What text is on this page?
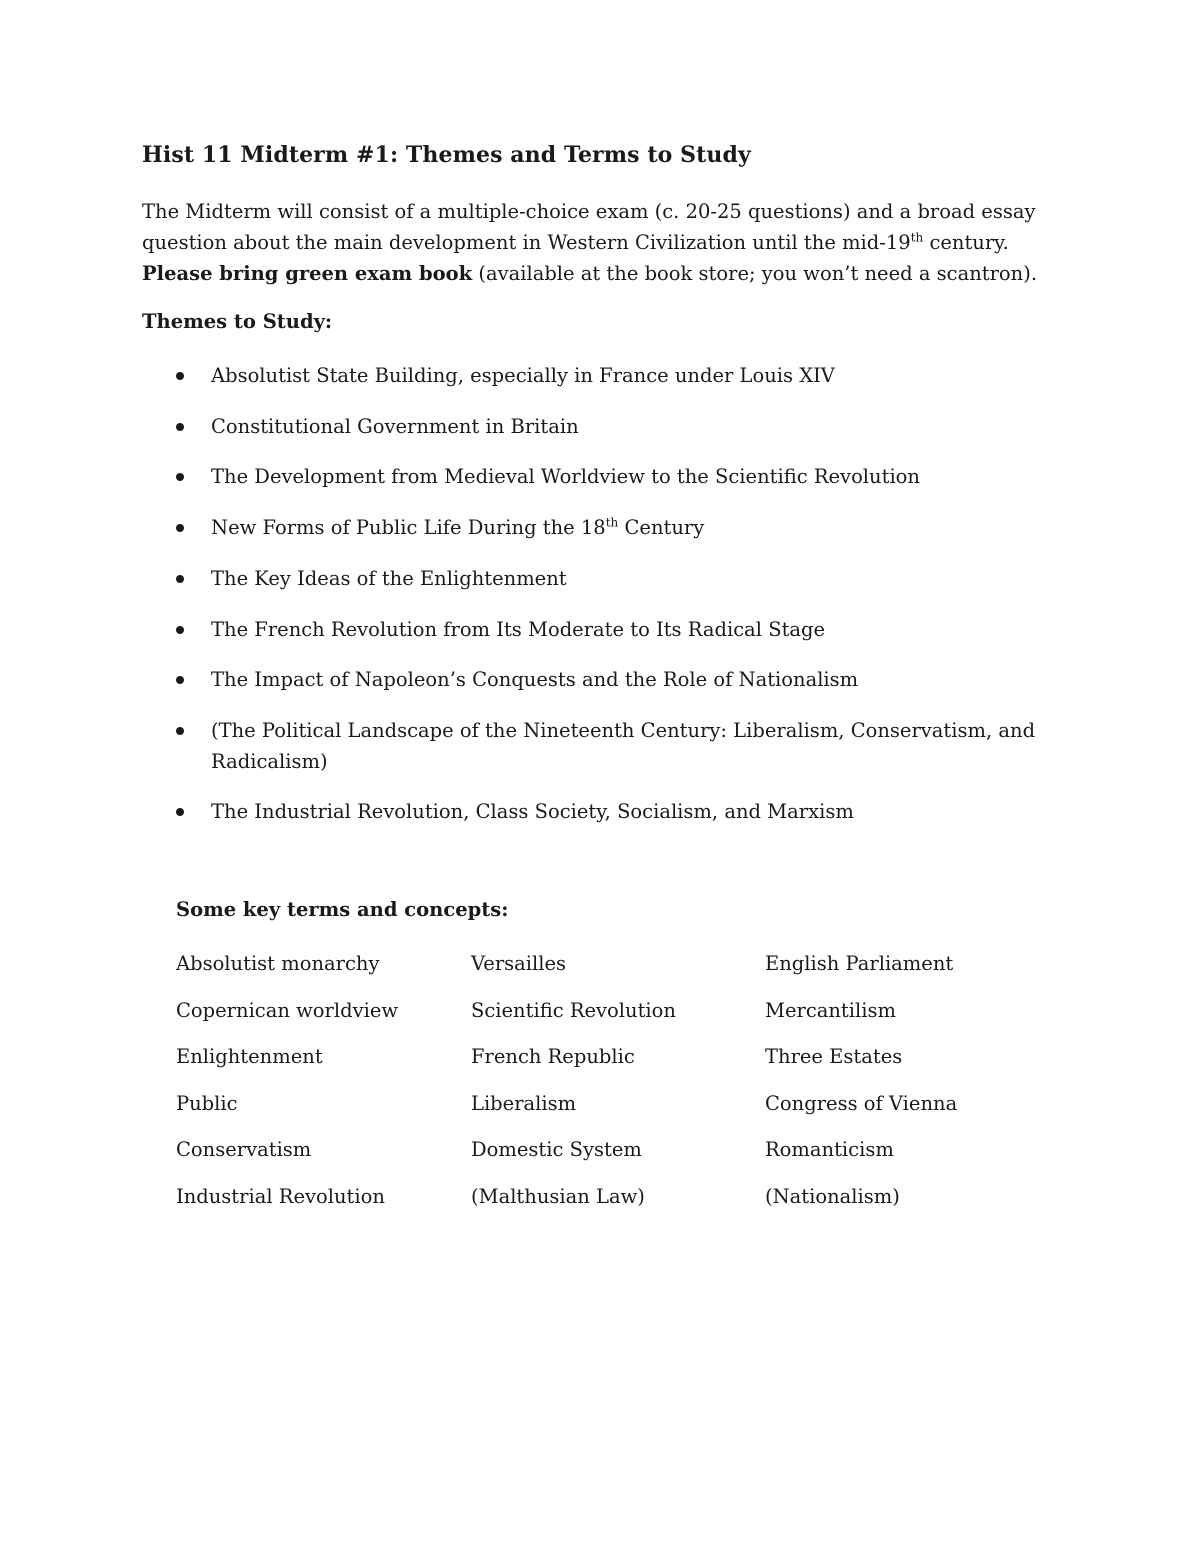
Hist 11 Midterm #1: Themes and Terms to Study
The Midterm will consist of a multiple-choice exam (c. 20-25 questions) and a broad essay question about the main development in Western Civilization until the mid-19th century. Please bring green exam book (available at the book store; you won’t need a scantron).
Themes to Study:
Absolutist State Building, especially in France under Louis XIV
Constitutional Government in Britain
The Development from Medieval Worldview to the Scientific Revolution
New Forms of Public Life During the 18th Century
The Key Ideas of the Enlightenment
The French Revolution from Its Moderate to Its Radical Stage
The Impact of Napoleon’s Conquests and the Role of Nationalism
(The Political Landscape of the Nineteenth Century: Liberalism, Conservatism, and Radicalism)
The Industrial Revolution, Class Society, Socialism, and Marxism
Some key terms and concepts:
Absolutist monarchy	Versailles	English Parliament
Copernican worldview	Scientific Revolution	Mercantilism
Enlightenment	French Republic	Three Estates
Public	Liberalism	Congress of Vienna
Conservatism	Domestic System	Romanticism
Industrial Revolution	(Malthusian Law)	(Nationalism)
